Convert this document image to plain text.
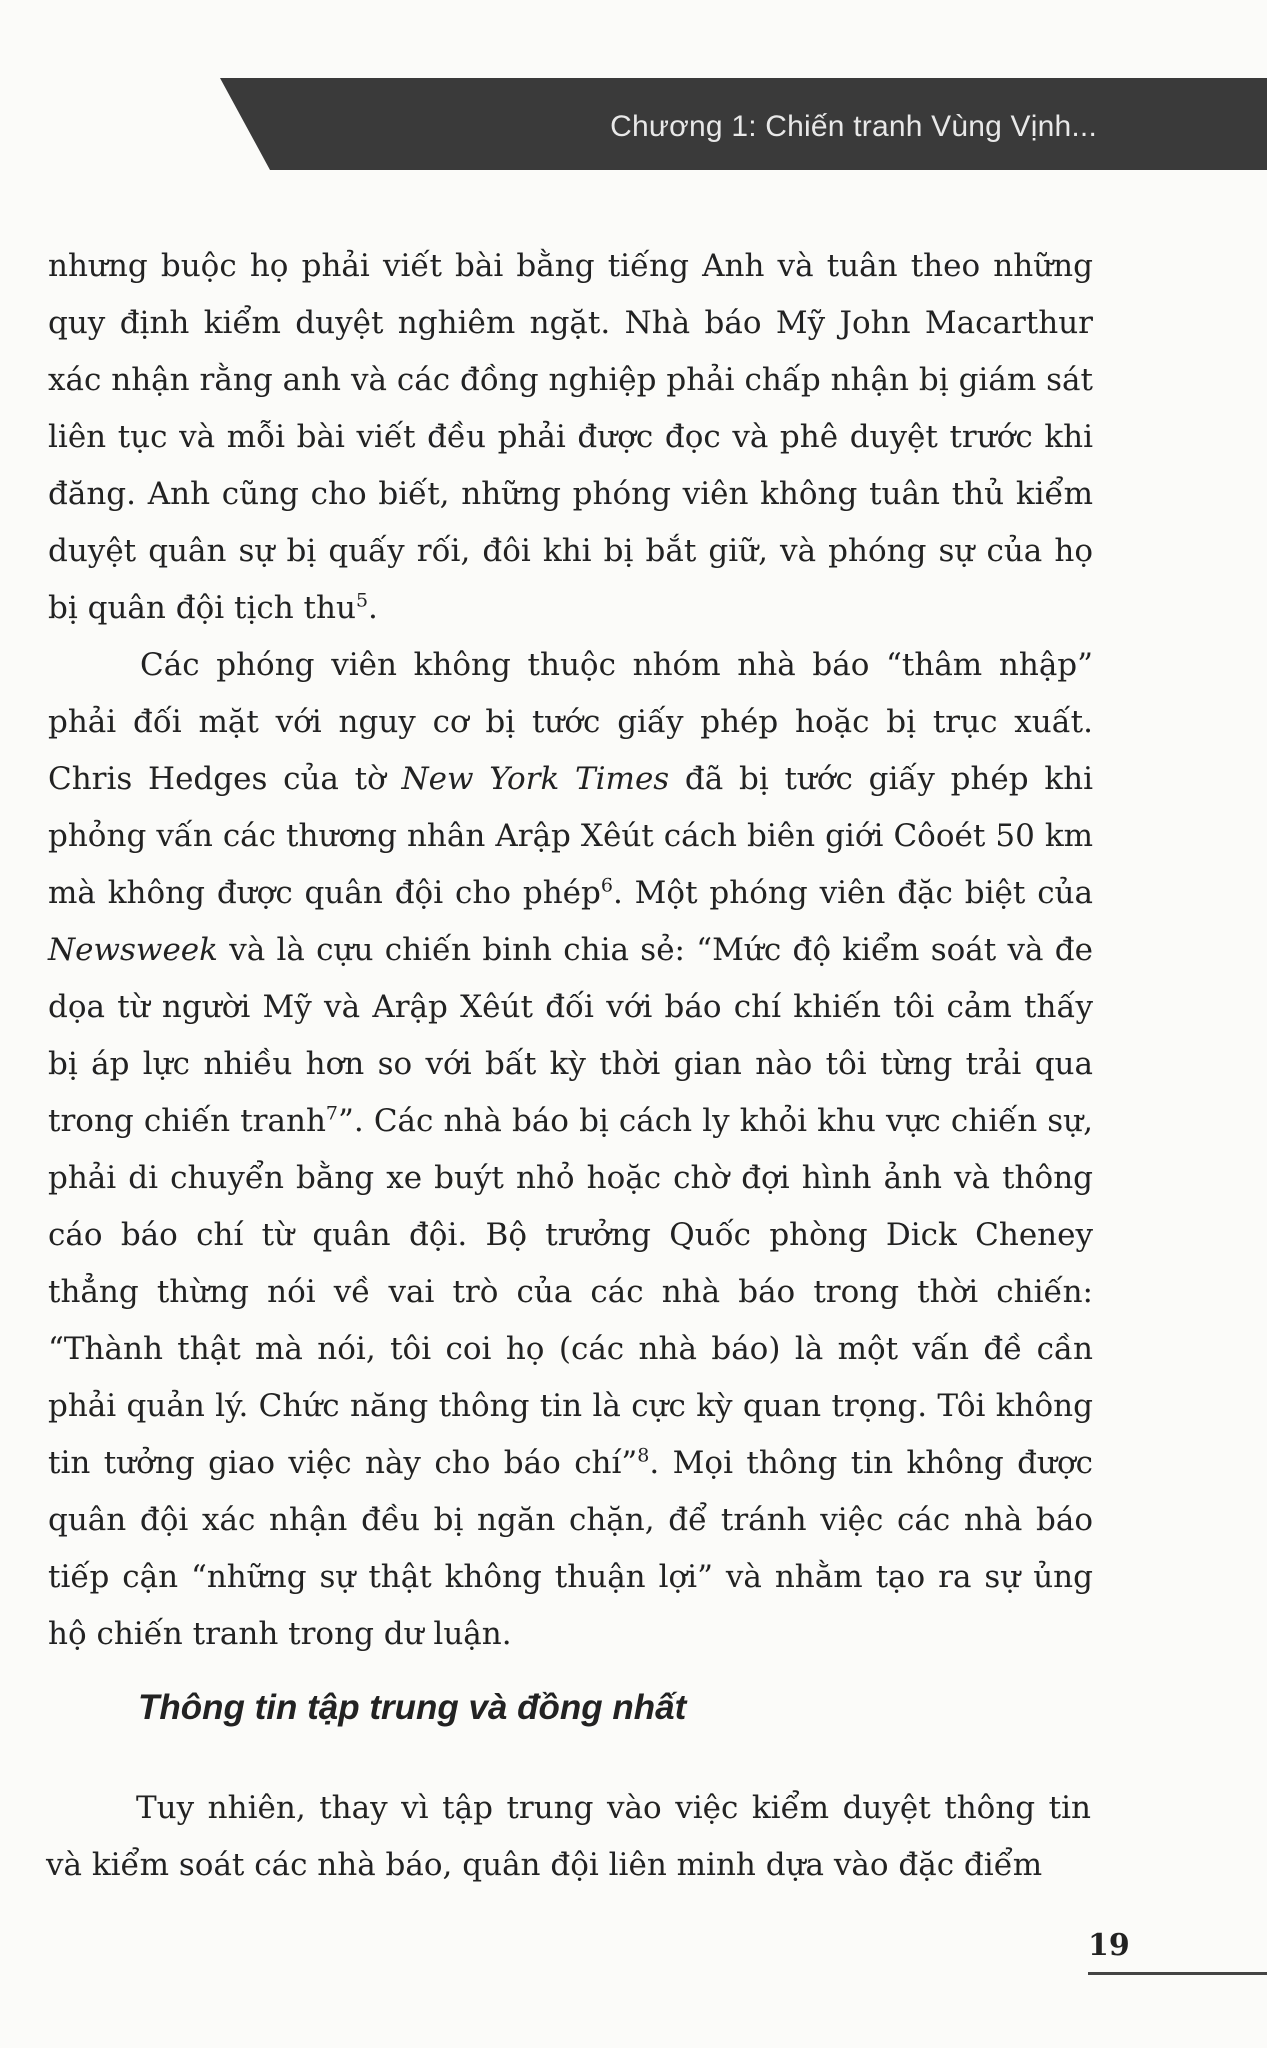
Chương 1: Chiến tranh Vùng Vịnh...

nhưng buộc họ phải viết bài bằng tiếng Anh và tuân theo những quy định kiểm duyệt nghiêm ngặt. Nhà báo Mỹ John Macarthur xác nhận rằng anh và các đồng nghiệp phải chấp nhận bị giám sát liên tục và mỗi bài viết đều phải được đọc và phê duyệt trước khi đăng. Anh cũng cho biết, những phóng viên không tuân thủ kiểm duyệt quân sự bị quấy rối, đôi khi bị bắt giữ, và phóng sự của họ bị quân đội tịch thu$^5$.

Các phóng viên không thuộc nhóm nhà báo “thâm nhập” phải đối mặt với nguy cơ bị tước giấy phép hoặc bị trục xuất. Chris Hedges của tờ New York Times đã bị tước giấy phép khi phỏng vấn các thương nhân Arập Xêút cách biên giới Côoét 50 km mà không được quân đội cho phép$^6$. Một phóng viên đặc biệt của Newsweek và là cựu chiến binh chia sẻ: “Mức độ kiểm soát và đe dọa từ người Mỹ và Arập Xêút đối với báo chí khiến tôi cảm thấy bị áp lực nhiều hơn so với bất kỳ thời gian nào tôi từng trải qua trong chiến tranh$^7$”. Các nhà báo bị cách ly khỏi khu vực chiến sự, phải di chuyển bằng xe buýt nhỏ hoặc chờ đợi hình ảnh và thông cáo báo chí từ quân đội. Bộ trưởng Quốc phòng Dick Cheney thẳng thừng nói về vai trò của các nhà báo trong thời chiến: “Thành thật mà nói, tôi coi họ (các nhà báo) là một vấn đề cần phải quản lý. Chức năng thông tin là cực kỳ quan trọng. Tôi không tin tưởng giao việc này cho báo chí”$^8$. Mọi thông tin không được quân đội xác nhận đều bị ngăn chặn, để tránh việc các nhà báo tiếp cận “những sự thật không thuận lợi” và nhằm tạo ra sự ủng hộ chiến tranh trong dư luận.

Thông tin tập trung và đồng nhất

Tuy nhiên, thay vì tập trung vào việc kiểm duyệt thông tin và kiểm soát các nhà báo, quân đội liên minh dựa vào đặc điểm

19
